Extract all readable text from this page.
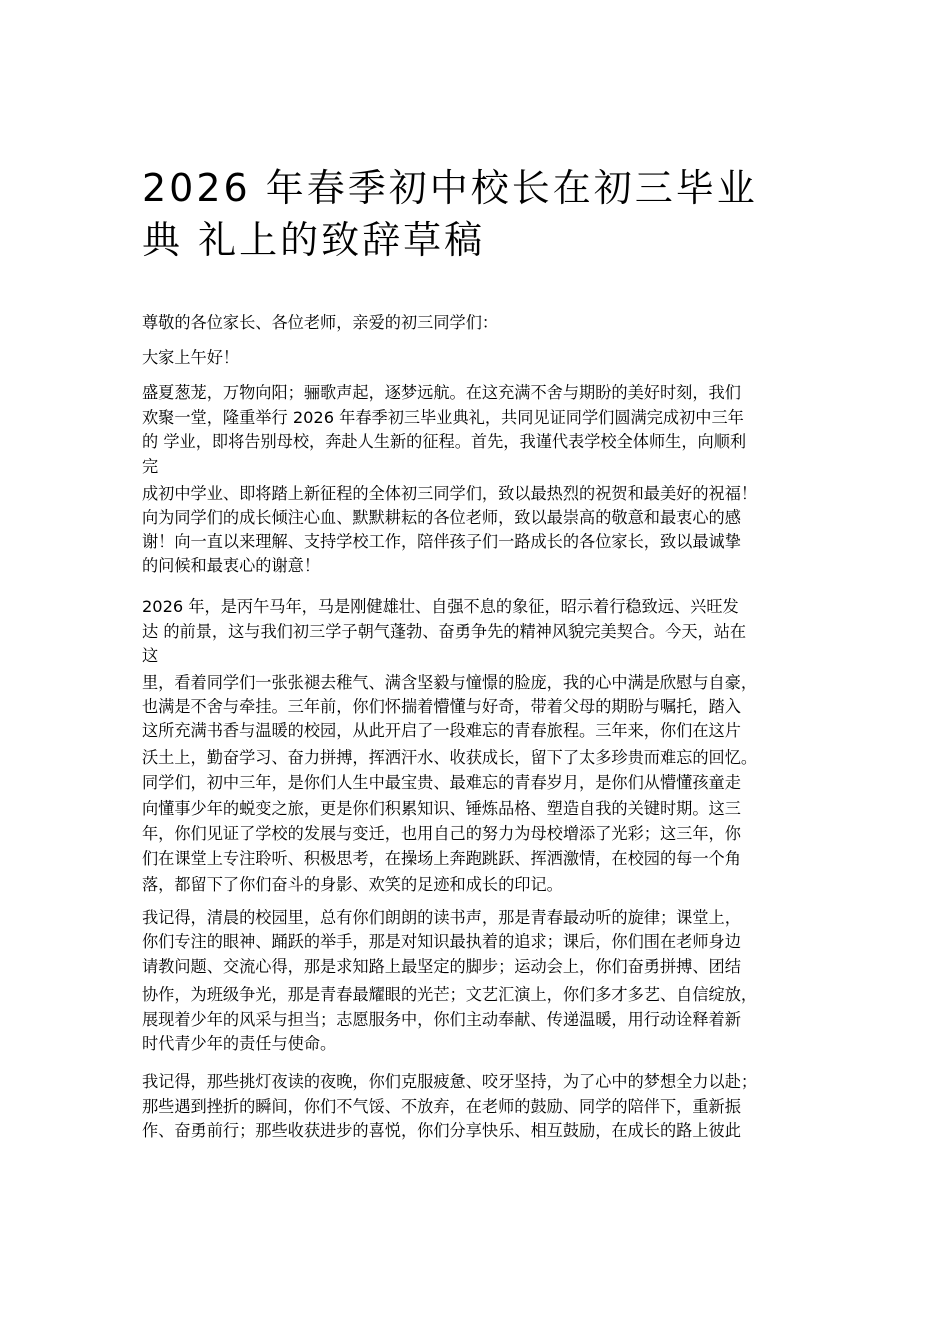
2026 年春季初中校长在初三毕业
典 礼上的致辞草稿

尊敬的各位家长、各位老师，亲爱的初三同学们：

大家上午好！

盛夏葱茏，万物向阳；骊歌声起，逐梦远航。在这充满不舍与期盼的美好时刻，我们

欢聚一堂，隆重举行 2026 年春季初三毕业典礼，共同见证同学们圆满完成初中三年

的 学业，即将告别母校，奔赴人生新的征程。首先，我谨代表学校全体师生，向顺利

完

成初中学业、即将踏上新征程的全体初三同学们，致以最热烈的祝贺和最美好的祝福！

向为同学们的成长倾注心血、默默耕耘的各位老师，致以最崇高的敬意和最衷心的感

谢！向一直以来理解、支持学校工作，陪伴孩子们一路成长的各位家长，致以最诚挚

的问候和最衷心的谢意！

2026 年，是丙午马年，马是刚健雄壮、自强不息的象征，昭示着行稳致远、兴旺发

达 的前景，这与我们初三学子朝气蓬勃、奋勇争先的精神风貌完美契合。今天，站在

这

里，看着同学们一张张褪去稚气、满含坚毅与憧憬的脸庞，我的心中满是欣慰与自豪，

也满是不舍与牵挂。三年前，你们怀揣着懵懂与好奇，带着父母的期盼与嘱托，踏入

这所充满书香与温暖的校园，从此开启了一段难忘的青春旅程。三年来，你们在这片

沃土上，勤奋学习、奋力拼搏，挥洒汗水、收获成长，留下了太多珍贵而难忘的回忆。

同学们，初中三年，是你们人生中最宝贵、最难忘的青春岁月，是你们从懵懂孩童走

向懂事少年的蜕变之旅，更是你们积累知识、锤炼品格、塑造自我的关键时期。这三

年，你们见证了学校的发展与变迁，也用自己的努力为母校增添了光彩；这三年，你

们在课堂上专注聆听、积极思考，在操场上奔跑跳跃、挥洒激情，在校园的每一个角

落，都留下了你们奋斗的身影、欢笑的足迹和成长的印记。

我记得，清晨的校园里，总有你们朗朗的读书声，那是青春最动听的旋律；课堂上，

你们专注的眼神、踊跃的举手，那是对知识最执着的追求；课后，你们围在老师身边

请教问题、交流心得，那是求知路上最坚定的脚步；运动会上，你们奋勇拼搏、团结

协作，为班级争光，那是青春最耀眼的光芒；文艺汇演上，你们多才多艺、自信绽放，

展现着少年的风采与担当；志愿服务中，你们主动奉献、传递温暖，用行动诠释着新

时代青少年的责任与使命。

我记得，那些挑灯夜读的夜晚，你们克服疲惫、咬牙坚持，为了心中的梦想全力以赴；

那些遇到挫折的瞬间，你们不气馁、不放弃，在老师的鼓励、同学的陪伴下，重新振

作、奋勇前行；那些收获进步的喜悦，你们分享快乐、相互鼓励，在成长的路上彼此
